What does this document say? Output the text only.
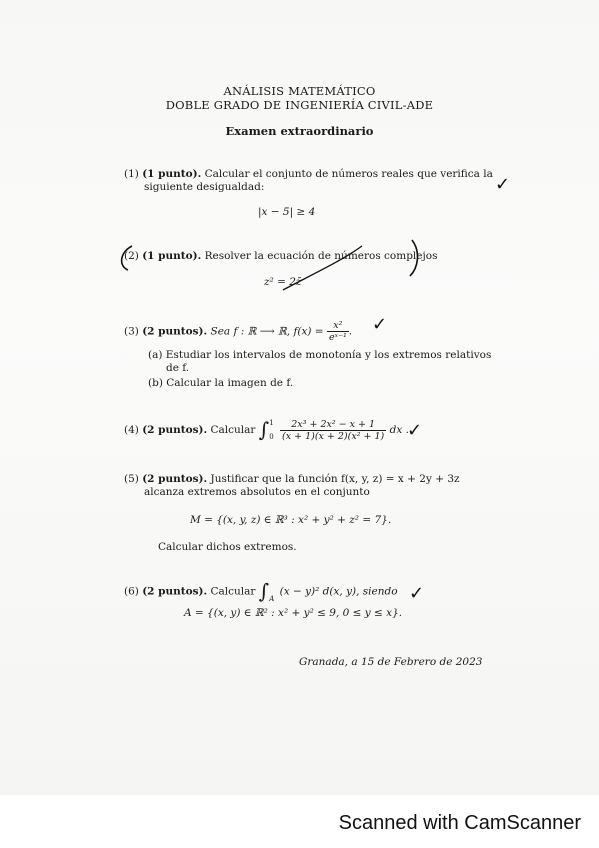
ANÁLISIS MATEMÁTICO
DOBLE GRADO DE INGENIERÍA CIVIL-ADE
Examen extraordinario
(1) (1 punto). Calcular el conjunto de números reales que verifica la
siguiente desigualdad:
|x − 5| ≥ 4
✓
(2) (1 punto). Resolver la ecuación de números complejos
z² = 2z̄
(3) (2 puntos). Sea f : ℝ ⟶ ℝ, $f(x) = \frac{\text{x²}}{\text{eˣ⁻¹}}$ . ✓
(a) Estudiar los intervalos de monotonía y los extremos relativos
de f.
(b) Calcular la imagen de f.
(4) (2 puntos). Calcular ∫ 1
0
$\frac{\text{2x³ + 2x² − x + 1}}{\text{(x + 1)(x + 2)(x² + 1)}}$ dx .
✓
(5) (2 puntos). Justificar que la función f(x, y, z) = x + 2y + 3z
alcanza extremos absolutos en el conjunto
M = {(x, y, z) ∈ ℝ³ : x² + y² + z² = 7}.
Calcular dichos extremos.
(6) (2 puntos). Calcular $\int_A$ (x − y)² d(x, y), siendo
A = {(x, y) ∈ ℝ² : x² + y² ≤ 9, 0 ≤ y ≤ x}.
✓
Granada, a 15 de Febrero de 2023
Scanned with CamScanner
